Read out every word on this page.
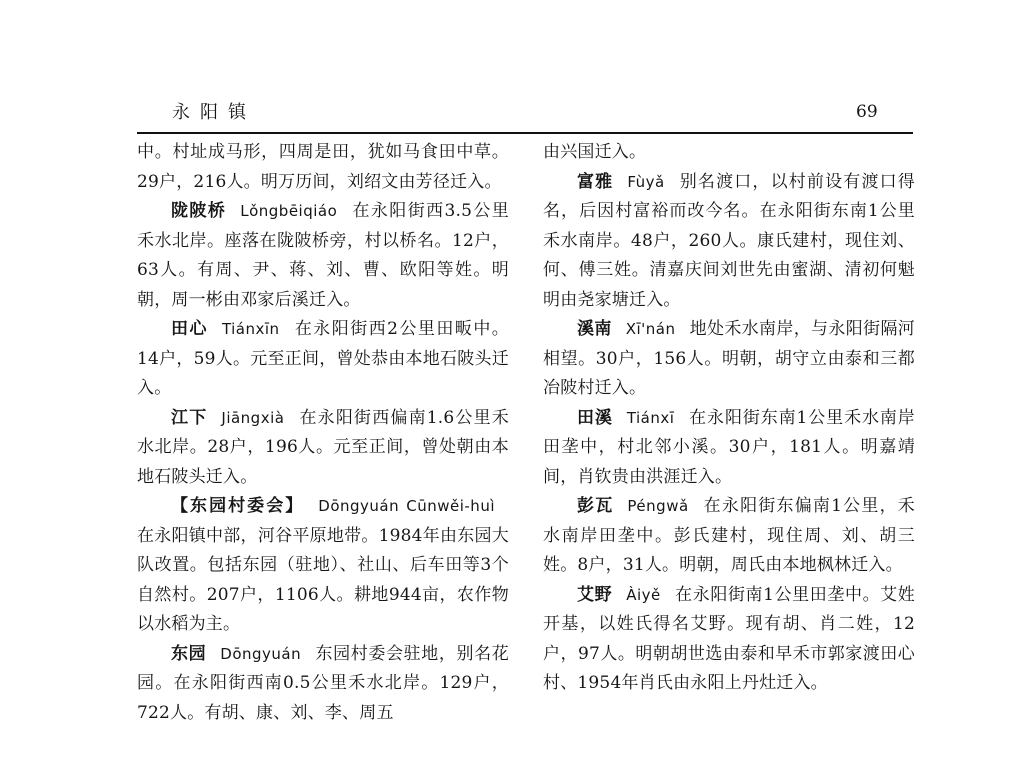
永阳镇	69

中。村址成马形，四周是田，犹如马食田中草。29户，216人。明万历间，刘绍文由芳径迁入。

陇陂桥 Lǒngbēiqiáo 在永阳街西3.5公里禾水北岸。座落在陇陂桥旁，村以桥名。12户，63人。有周、尹、蒋、刘、曹、欧阳等姓。明朝，周一彬由邓家后溪迁入。

田心 Tiánxīn 在永阳街西2公里田畈中。14户，59人。元至正间，曾处恭由本地石陂头迁入。

江下 Jiāngxià 在永阳街西偏南1.6公里禾水北岸。28户，196人。元至正间，曾处朝由本地石陂头迁入。

【东园村委会】 Dōngyuán Cūnwěi-huì在永阳镇中部，河谷平原地带。1984年由东园大队改置。包括东园（驻地）、社山、后车田等3个自然村。207户，1106人。耕地944亩，农作物以水稻为主。

东园 Dōngyuán 东园村委会驻地，别名花园。在永阳街西南0.5公里禾水北岸。129户，722人。有胡、康、刘、李、周五

由兴国迁入。

富雅 Fùyǎ 别名渡口，以村前设有渡口得名，后因村富裕而改今名。在永阳街东南1公里禾水南岸。48户，260人。康氏建村，现住刘、何、傅三姓。清嘉庆间刘世先由蜜湖、清初何魁明由尧家塘迁入。

溪南 Xī'nán 地处禾水南岸，与永阳街隔河相望。30户，156人。明朝，胡守立由泰和三都冶陂村迁入。

田溪 Tiánxī 在永阳街东南1公里禾水南岸田垄中，村北邻小溪。30户，181人。明嘉靖间，肖钦贵由洪涯迁入。

彭瓦 Péngwǎ 在永阳街东偏南1公里，禾水南岸田垄中。彭氏建村，现住周、刘、胡三姓。8户，31人。明朝，周氏由本地枫林迁入。

艾野 Àiyě 在永阳街南1公里田垄中。艾姓开基，以姓氏得名艾野。现有胡、肖二姓，12户，97人。明朝胡世选由泰和早禾市郭家渡田心村、1954年肖氏由永阳上丹灶迁入。
